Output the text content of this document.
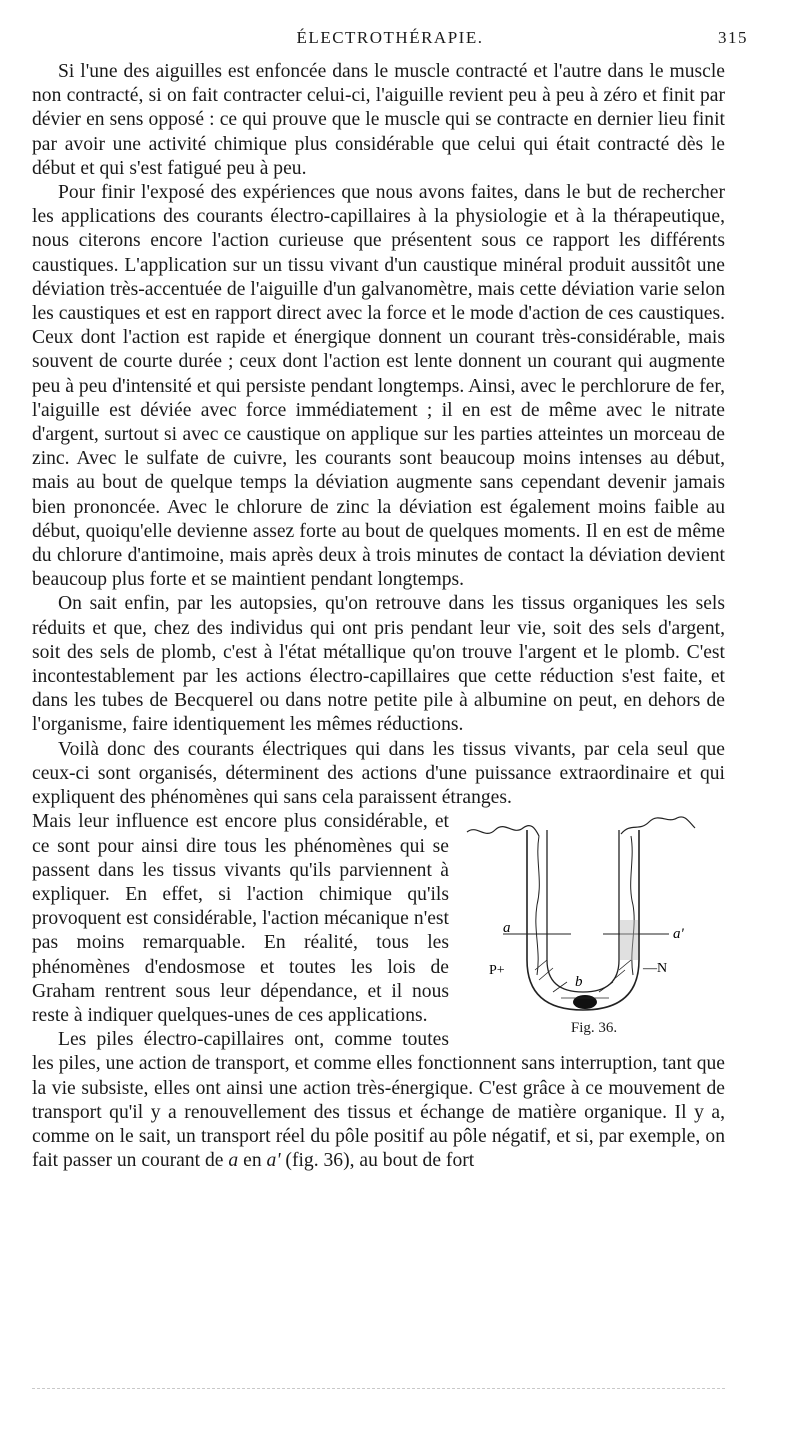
ÉLECTROTHÉRAPIE.	315

Si l'une des aiguilles est enfoncée dans le muscle contracté et l'autre dans le muscle non contracté, si on fait contracter celui-ci, l'aiguille revient peu à peu à zéro et finit par dévier en sens opposé : ce qui prouve que le muscle qui se contracte en dernier lieu finit par avoir une activité chimique plus considérable que celui qui était contracté dès le début et qui s'est fatigué peu à peu.

Pour finir l'exposé des expériences que nous avons faites, dans le but de rechercher les applications des courants électro-capillaires à la physiologie et à la thérapeutique, nous citerons encore l'action curieuse que présentent sous ce rapport les différents caustiques. L'application sur un tissu vivant d'un caustique minéral produit aussitôt une déviation très-accentuée de l'aiguille d'un galvanomètre, mais cette déviation varie selon les caustiques et est en rapport direct avec la force et le mode d'action de ces caustiques. Ceux dont l'action est rapide et énergique donnent un courant très-considérable, mais souvent de courte durée ; ceux dont l'action est lente donnent un courant qui augmente peu à peu d'intensité et qui persiste pendant longtemps. Ainsi, avec le perchlorure de fer, l'aiguille est déviée avec force immédiatement ; il en est de même avec le nitrate d'argent, surtout si avec ce caustique on applique sur les parties atteintes un morceau de zinc. Avec le sulfate de cuivre, les courants sont beaucoup moins intenses au début, mais au bout de quelque temps la déviation augmente sans cependant devenir jamais bien prononcée. Avec le chlorure de zinc la déviation est également moins faible au début, quoiqu'elle devienne assez forte au bout de quelques moments. Il en est de même du chlorure d'antimoine, mais après deux à trois minutes de contact la déviation devient beaucoup plus forte et se maintient pendant longtemps.

On sait enfin, par les autopsies, qu'on retrouve dans les tissus organiques les sels réduits et que, chez des individus qui ont pris pendant leur vie, soit des sels d'argent, soit des sels de plomb, c'est à l'état métallique qu'on trouve l'argent et le plomb. C'est incontestablement par les actions électro-capillaires que cette réduction s'est faite, et dans les tubes de Becquerel ou dans notre petite pile à albumine on peut, en dehors de l'organisme, faire identiquement les mêmes réductions.

Voilà donc des courants électriques qui dans les tissus vivants, par cela seul que ceux-ci sont organisés, déterminent des actions d'une puissance extraordinaire et qui expliquent des phénomènes qui sans cela paraissent étranges.

a	a'
P+	—N
b
Fig. 36.

Mais leur influence est encore plus considérable, et ce sont pour ainsi dire tous les phénomènes qui se passent dans les tissus vivants qu'ils parviennent à expliquer. En effet, si l'action chimique qu'ils provoquent est considérable, l'action mécanique n'est pas moins remarquable. En réalité, tous les phénomènes d'endosmose et toutes les lois de Graham rentrent sous leur dépendance, et il nous reste à indiquer quelques-unes de ces applications.

Les piles électro-capillaires ont, comme toutes les piles, une action de transport, et comme elles fonctionnent sans interruption, tant que la vie subsiste, elles ont ainsi une action très-énergique. C'est grâce à ce mouvement de transport qu'il y a renouvellement des tissus et échange de matière organique. Il y a, comme on le sait, un transport réel du pôle positif au pôle négatif, et si, par exemple, on fait passer un courant de a en a' (fig. 36), au bout de fort
